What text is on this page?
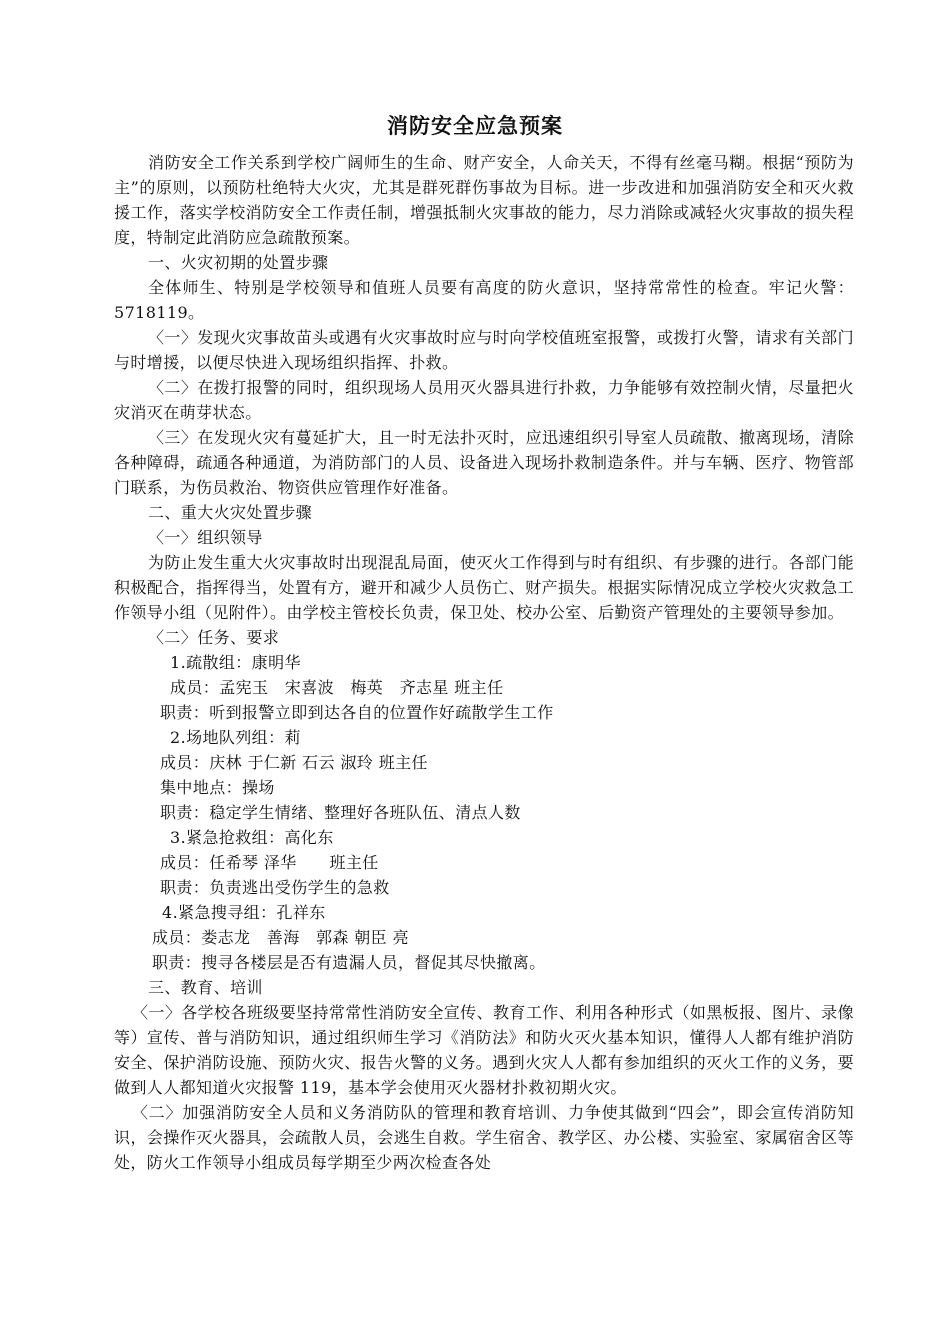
消防安全应急预案

消防安全工作关系到学校广阔师生的生命、财产安全，人命关天，不得有丝毫马糊。根据“预防为主”的原则，以预防杜绝特大火灾，尤其是群死群伤事故为目标。进一步改进和加强消防安全和灭火救援工作，落实学校消防安全工作责任制，增强抵制火灾事故的能力，尽力消除或减轻火灾事故的损失程度，特制定此消防应急疏散预案。

一、火灾初期的处置步骤

全体师生、特别是学校领导和值班人员要有高度的防火意识，坚持常常性的检查。牢记火警：5718119。

〈一〉发现火灾事故苗头或遇有火灾事故时应与时向学校值班室报警，或拨打火警，请求有关部门与时增援，以便尽快进入现场组织指挥、扑救。

〈二〉在拨打报警的同时，组织现场人员用灭火器具进行扑救，力争能够有效控制火情，尽量把火灾消灭在萌芽状态。

〈三〉在发现火灾有蔓延扩大，且一时无法扑灭时，应迅速组织引导室人员疏散、撤离现场，清除各种障碍，疏通各种通道，为消防部门的人员、设备进入现场扑救制造条件。并与车辆、医疗、物管部门联系，为伤员救治、物资供应管理作好准备。

二、重大火灾处置步骤

〈一〉组织领导

为防止发生重大火灾事故时出现混乱局面，使灭火工作得到与时有组织、有步骤的进行。各部门能积极配合，指挥得当，处置有方，避开和减少人员伤亡、财产损失。根据实际情况成立学校火灾救急工作领导小组（见附件）。由学校主管校长负责，保卫处、校办公室、后勤资产管理处的主要领导参加。

〈二〉任务、要求

1.疏散组：康明华

成员：孟宪玉　宋喜波　梅英　齐志星 班主任

职责：听到报警立即到达各自的位置作好疏散学生工作

2.场地队列组：莉

成员：庆林 于仁新 石云 淑玲 班主任

集中地点：操场

职责：稳定学生情绪、整理好各班队伍、清点人数

3.紧急抢救组：高化东

成员：任希琴 泽华　　班主任

职责：负责逃出受伤学生的急救

4.紧急搜寻组：孔祥东

成员：娄志龙　善海　郭森 朝臣 亮

职责：搜寻各楼层是否有遗漏人员，督促其尽快撤离。

三、教育、培训

〈一〉各学校各班级要坚持常常性消防安全宣传、教育工作、利用各种形式（如黑板报、图片、录像等）宣传、普与消防知识，通过组织师生学习《消防法》和防火灭火基本知识，懂得人人都有维护消防安全、保护消防设施、预防火灾、报告火警的义务。遇到火灾人人都有参加组织的灭火工作的义务，要做到人人都知道火灾报警 119，基本学会使用灭火器材扑救初期火灾。

〈二〉加强消防安全人员和义务消防队的管理和教育培训、力争使其做到“四会”，即会宣传消防知识，会操作灭火器具，会疏散人员，会逃生自救。学生宿舍、教学区、办公楼、实验室、家属宿舍区等处，防火工作领导小组成员每学期至少两次检查各处
